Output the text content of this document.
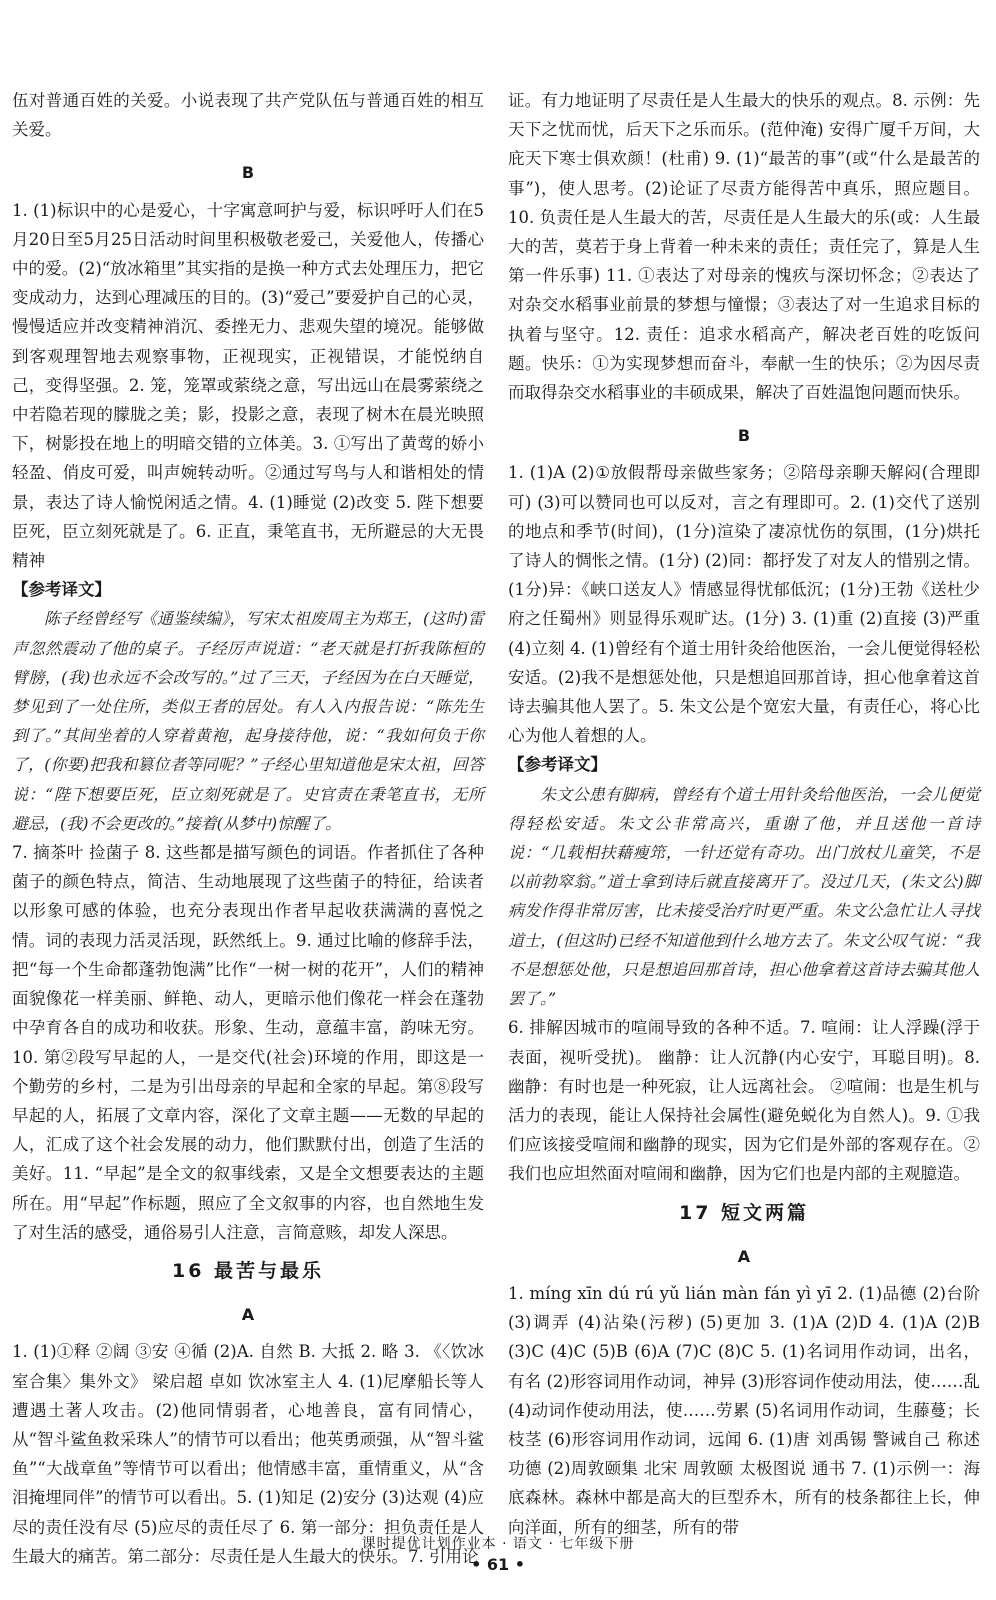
伍对普通百姓的关爱。小说表现了共产党队伍与普通百姓的相互关爱。

B

1. (1)标识中的心是爱心，十字寓意呵护与爱，标识呼吁人们在5月20日至5月25日活动时间里积极敬老爱己，关爱他人，传播心中的爱。(2)“放冰箱里”其实指的是换一种方式去处理压力，把它变成动力，达到心理减压的目的。(3)“爱己”要爱护自己的心灵，慢慢适应并改变精神消沉、委挫无力、悲观失望的境况。能够做到客观理智地去观察事物，正视现实，正视错误，才能悦纳自己，变得坚强。2. 笼，笼罩或萦绕之意，写出远山在晨雾萦绕之中若隐若现的朦胧之美；影，投影之意，表现了树木在晨光映照下，树影投在地上的明暗交错的立体美。3. ①写出了黄莺的娇小轻盈、俏皮可爱，叫声婉转动听。②通过写鸟与人和谐相处的情景，表达了诗人愉悦闲适之情。4. (1)睡觉 (2)改变 5. 陛下想要臣死，臣立刻死就是了。6. 正直，秉笔直书，无所避忌的大无畏精神

【参考译文】

陈子经曾经写《通鉴续编》，写宋太祖废周主为郑王，(这时)雷声忽然震动了他的桌子。子经厉声说道：“老天就是打折我陈桓的臂膀，(我)也永远不会改写的。”过了三天，子经因为在白天睡觉，梦见到了一处住所，类似王者的居处。有人入内报告说：“陈先生到了。”其间坐着的人穿着黄袍，起身接待他，说：“我如何负于你了，(你要)把我和篡位者等同呢？”子经心里知道他是宋太祖，回答说：“陛下想要臣死，臣立刻死就是了。史官责在秉笔直书，无所避忌，(我)不会更改的。”接着(从梦中)惊醒了。

7. 摘茶叶 捡菌子 8. 这些都是描写颜色的词语。作者抓住了各种菌子的颜色特点，简洁、生动地展现了这些菌子的特征，给读者以形象可感的体验，也充分表现出作者早起收获满满的喜悦之情。词的表现力活灵活现，跃然纸上。9. 通过比喻的修辞手法，把“每一个生命都蓬勃饱满”比作“一树一树的花开”，人们的精神面貌像花一样美丽、鲜艳、动人，更暗示他们像花一样会在蓬勃中孕育各自的成功和收获。形象、生动，意蕴丰富，韵味无穷。10. 第②段写早起的人，一是交代(社会)环境的作用，即这是一个勤劳的乡村，二是为引出母亲的早起和全家的早起。第⑧段写早起的人，拓展了文章内容，深化了文章主题——无数的早起的人，汇成了这个社会发展的动力，他们默默付出，创造了生活的美好。11. “早起”是全文的叙事线索，又是全文想要表达的主题所在。用“早起”作标题，照应了全文叙事的内容，也自然地生发了对生活的感受，通俗易引人注意，言简意赅，却发人深思。

16 最苦与最乐
A

1. (1)①释 ②阔 ③安 ④循 (2)A. 自然 B. 大抵 2. 略 3. 《〈饮冰室合集〉集外文》 梁启超 卓如 饮冰室主人 4. (1)尼摩船长等人遭遇土著人攻击。(2)他同情弱者，心地善良，富有同情心，从“智斗鲨鱼救采珠人”的情节可以看出；他英勇顽强，从“智斗鲨鱼”“大战章鱼”等情节可以看出；他情感丰富，重情重义，从“含泪掩埋同伴”的情节可以看出。5. (1)知足 (2)安分 (3)达观 (4)应尽的责任没有尽 (5)应尽的责任尽了 6. 第一部分：担负责任是人生最大的痛苦。第二部分：尽责任是人生最大的快乐。7. 引用论

证。有力地证明了尽责任是人生最大的快乐的观点。8. 示例：先天下之忧而忧，后天下之乐而乐。(范仲淹) 安得广厦千万间，大庇天下寒士俱欢颜！(杜甫) 9. (1)“最苦的事”(或“什么是最苦的事”)，使人思考。(2)论证了尽责方能得苦中真乐，照应题目。10. 负责任是人生最大的苦，尽责任是人生最大的乐(或：人生最大的苦，莫若于身上背着一种未来的责任；责任完了，算是人生第一件乐事) 11. ①表达了对母亲的愧疚与深切怀念；②表达了对杂交水稻事业前景的梦想与憧憬；③表达了对一生追求目标的执着与坚守。12. 责任：追求水稻高产，解决老百姓的吃饭问题。快乐：①为实现梦想而奋斗，奉献一生的快乐；②为因尽责而取得杂交水稻事业的丰硕成果，解决了百姓温饱问题而快乐。

B

1. (1)A (2)①放假帮母亲做些家务；②陪母亲聊天解闷(合理即可) (3)可以赞同也可以反对，言之有理即可。2. (1)交代了送别的地点和季节(时间)，(1分)渲染了凄凉忧伤的氛围，(1分)烘托了诗人的惆怅之情。(1分) (2)同：都抒发了对友人的惜别之情。(1分)异：《峡口送友人》情感显得忧郁低沉；(1分)王勃《送杜少府之任蜀州》则显得乐观旷达。(1分) 3. (1)重 (2)直接 (3)严重 (4)立刻 4. (1)曾经有个道士用针灸给他医治，一会儿便觉得轻松安适。(2)我不是想惩处他，只是想追回那首诗，担心他拿着这首诗去骗其他人罢了。5. 朱文公是个宽宏大量，有责任心，将心比心为他人着想的人。

【参考译文】

朱文公患有脚病，曾经有个道士用针灸给他医治，一会儿便觉得轻松安适。朱文公非常高兴，重谢了他，并且送他一首诗说：“几载相扶藉瘦筇，一针还觉有奇功。出门放杖儿童笑，不是以前勃窣翁。”道士拿到诗后就直接离开了。没过几天，(朱文公)脚病发作得非常厉害，比未接受治疗时更严重。朱文公急忙让人寻找道士，(但这时)已经不知道他到什么地方去了。朱文公叹气说：“我不是想惩处他，只是想追回那首诗，担心他拿着这首诗去骗其他人罢了。”

6. 排解因城市的喧闹导致的各种不适。7. 喧闹：让人浮躁(浮于表面，视听受扰)。 幽静：让人沉静(内心安宁，耳聪目明)。8. 幽静：有时也是一种死寂，让人远离社会。 ②喧闹：也是生机与活力的表现，能让人保持社会属性(避免蜕化为自然人)。9. ①我们应该接受喧闹和幽静的现实，因为它们是外部的客观存在。②我们也应坦然面对喧闹和幽静，因为它们也是内部的主观臆造。

17 短文两篇
A

1. míng xīn dú rú yǔ lián màn fán yì yī 2. (1)品德 (2)台阶 (3)调弄 (4)沾染(污秽) (5)更加 3. (1)A (2)D 4. (1)A (2)B (3)C (4)C (5)B (6)A (7)C (8)C 5. (1)名词用作动词，出名，有名 (2)形容词用作动词，神异 (3)形容词作使动用法，使……乱 (4)动词作使动用法，使……劳累 (5)名词用作动词，生藤蔓；长枝茎 (6)形容词用作动词，远闻 6. (1)唐 刘禹锡 警诫自己 称述功德 (2)周敦颐集 北宋 周敦颐 太极图说 通书 7. (1)示例一：海底森林。森林中都是高大的巨型乔木，所有的枝条都往上长，伸向洋面，所有的细茎，所有的带

课时提优计划作业本 · 语文 · 七年级下册
• 61 •
